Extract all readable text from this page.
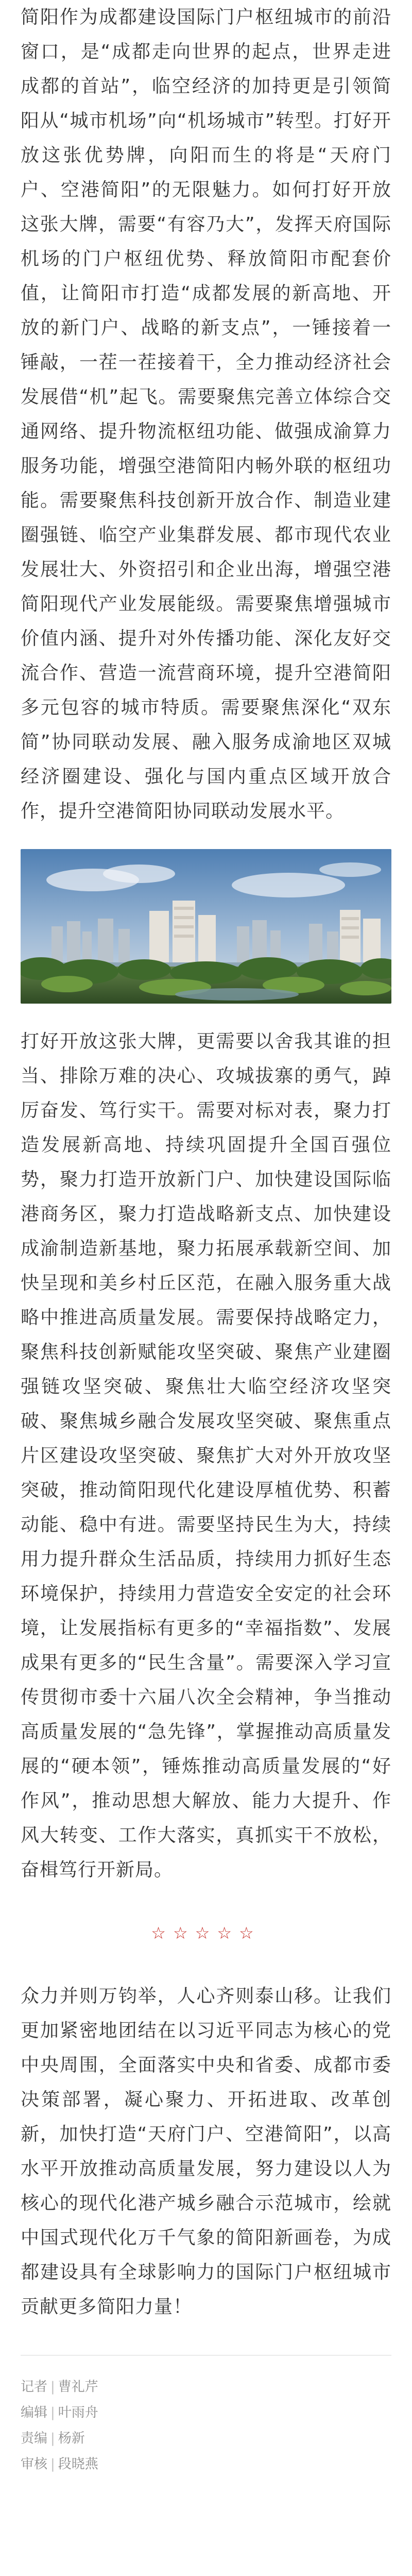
简阳作为成都建设国际门户枢纽城市的前沿窗口，是“成都走向世界的起点，世界走进成都的首站”，临空经济的加持更是引领简阳从“城市机场”向“机场城市”转型。打好开放这张优势牌，向阳而生的将是“天府门户、空港简阳”的无限魅力。如何打好开放这张大牌，需要“有容乃大”，发挥天府国际机场的门户枢纽优势、释放简阳市配套价值，让简阳市打造“成都发展的新高地、开放的新门户、战略的新支点”，一锤接着一锤敲，一茬一茬接着干，全力推动经济社会发展借“机”起飞。需要聚焦完善立体综合交通网络、提升物流枢纽功能、做强成渝算力服务功能，增强空港简阳内畅外联的枢纽功能。需要聚焦科技创新开放合作、制造业建圈强链、临空产业集群发展、都市现代农业发展壮大、外资招引和企业出海，增强空港简阳现代产业发展能级。需要聚焦增强城市价值内涵、提升对外传播功能、深化友好交流合作、营造一流营商环境，提升空港简阳多元包容的城市特质。需要聚焦深化“双东简”协同联动发展、融入服务成渝地区双城经济圈建设、强化与国内重点区域开放合作，提升空港简阳协同联动发展水平。

打好开放这张大牌，更需要以舍我其谁的担当、排除万难的决心、攻城拔寨的勇气，踔厉奋发、笃行实干。需要对标对表，聚力打造发展新高地、持续巩固提升全国百强位势，聚力打造开放新门户、加快建设国际临港商务区，聚力打造战略新支点、加快建设成渝制造新基地，聚力拓展承载新空间、加快呈现和美乡村丘区范，在融入服务重大战略中推进高质量发展。需要保持战略定力，聚焦科技创新赋能攻坚突破、聚焦产业建圈强链攻坚突破、聚焦壮大临空经济攻坚突破、聚焦城乡融合发展攻坚突破、聚焦重点片区建设攻坚突破、聚焦扩大对外开放攻坚突破，推动简阳现代化建设厚植优势、积蓄动能、稳中有进。需要坚持民生为大，持续用力提升群众生活品质，持续用力抓好生态环境保护，持续用力营造安全安定的社会环境，让发展指标有更多的“幸福指数”、发展成果有更多的“民生含量”。需要深入学习宣传贯彻市委十六届八次全会精神，争当推动高质量发展的“急先锋”，掌握推动高质量发展的“硬本领”，锤炼推动高质量发展的“好作风”，推动思想大解放、能力大提升、作风大转变、工作大落实，真抓实干不放松，奋楫笃行开新局。

☆☆☆☆☆

众力并则万钧举，人心齐则泰山移。让我们更加紧密地团结在以习近平同志为核心的党中央周围，全面落实中央和省委、成都市委决策部署，凝心聚力、开拓进取、改革创新，加快打造“天府门户、空港简阳”，以高水平开放推动高质量发展，努力建设以人为核心的现代化港产城乡融合示范城市，绘就中国式现代化万千气象的简阳新画卷，为成都建设具有全球影响力的国际门户枢纽城市贡献更多简阳力量！

记者 | 曹礼芹
编辑 | 叶雨舟
责编 | 杨新
审核 | 段晓燕
